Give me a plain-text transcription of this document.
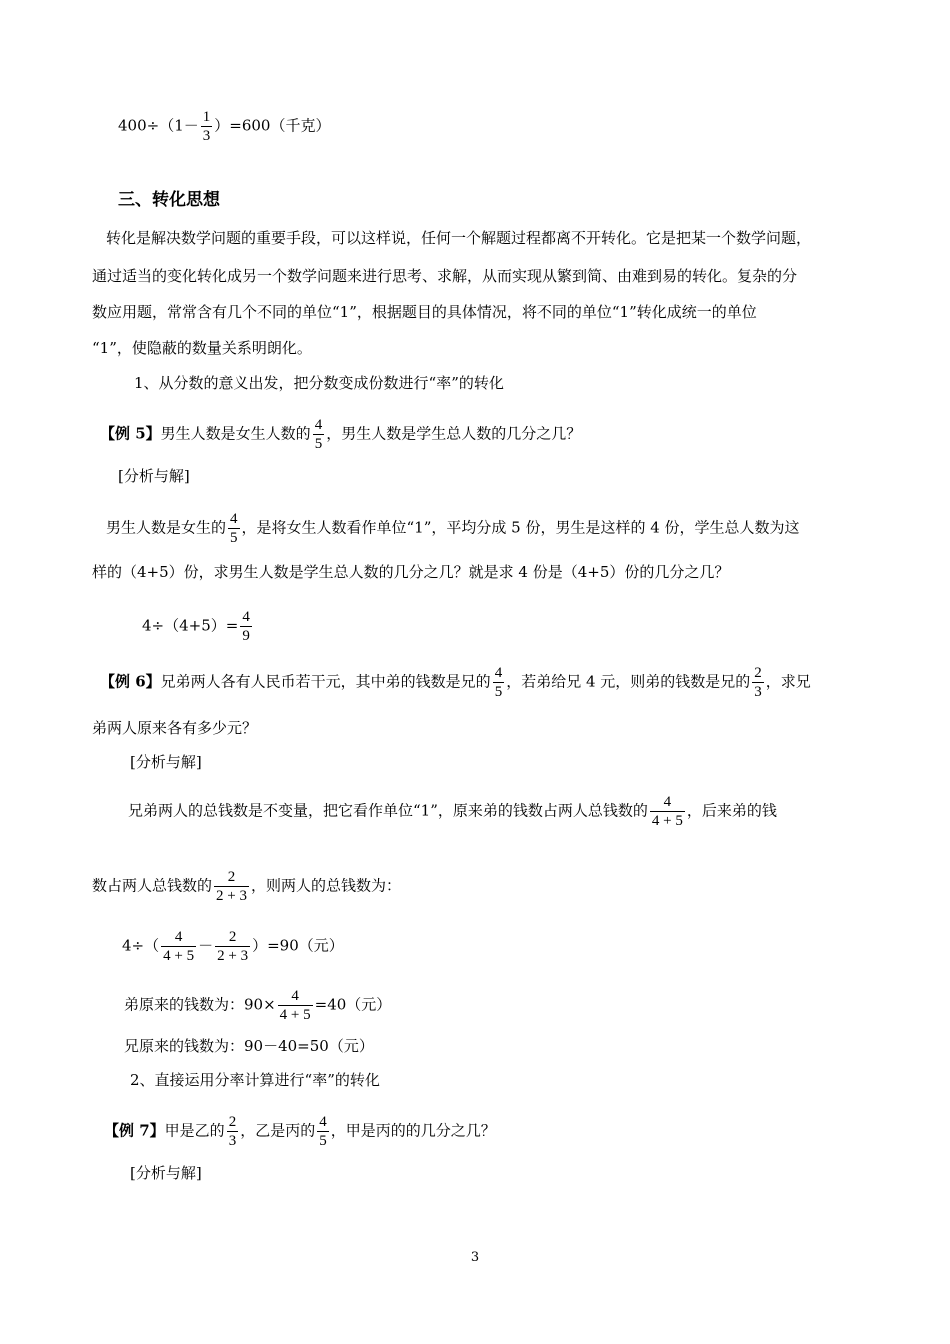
$400\div(1- \frac{1}{3} )=600$（千克）
三、转化思想
转化是解决数学问题的重要手段，可以这样说，任何一个解题过程都离不开转化。它是把某一个数学问题，
通过适当的变化转化成另一个数学问题来进行思考、求解，从而实现从繁到简、由难到易的转化。复杂的分
数应用题，常常含有几个不同的单位“1”，根据题目的具体情况，将不同的单位“1”转化成统一的单位
“1”，使隐蔽的数量关系明朗化。
1、从分数的意义出发，把分数变成份数进行“率”的转化
【例 5】男生人数是女生人数的 $\frac{4}{5}$ ，男生人数是学生总人数的几分之几？
[分析与解]
男生人数是女生的 $\frac{4}{5}$ ，是将女生人数看作单位“1”，平均分成 5 份，男生是这样的 4 份，学生总人数为这
样的（4+5）份，求男生人数是学生总人数的几分之几？就是求 4 份是（4+5）份的几分之几？
$4\div(4+5)= \frac{4}{9}$
【例 6】兄弟两人各有人民币若干元，其中弟的钱数是兄的 $\frac{4}{5}$ ，若弟给兄 4 元，则弟的钱数是兄的 $\frac{2}{3}$ ，求兄
弟两人原来各有多少元？
[分析与解]
兄弟两人的总钱数是不变量，把它看作单位“1”，原来弟的钱数占两人总钱数的 $\frac{4}{4 + 5}$ ，后来弟的钱
数占两人总钱数的 $\frac{2}{2 + 3}$ ，则两人的总钱数为：
$4\div( \frac{4}{4 + 5} - \frac{2}{2 + 3} )=90$（元）
弟原来的钱数为：$90\times \frac{4}{4 + 5} =40$（元）
兄原来的钱数为：90－40=50（元）
2、直接运用分率计算进行“率”的转化
【例 7】甲是乙的 $\frac{2}{3}$ ，乙是丙的 $\frac{4}{5}$ ，甲是丙的的几分之几？
[分析与解]
3
